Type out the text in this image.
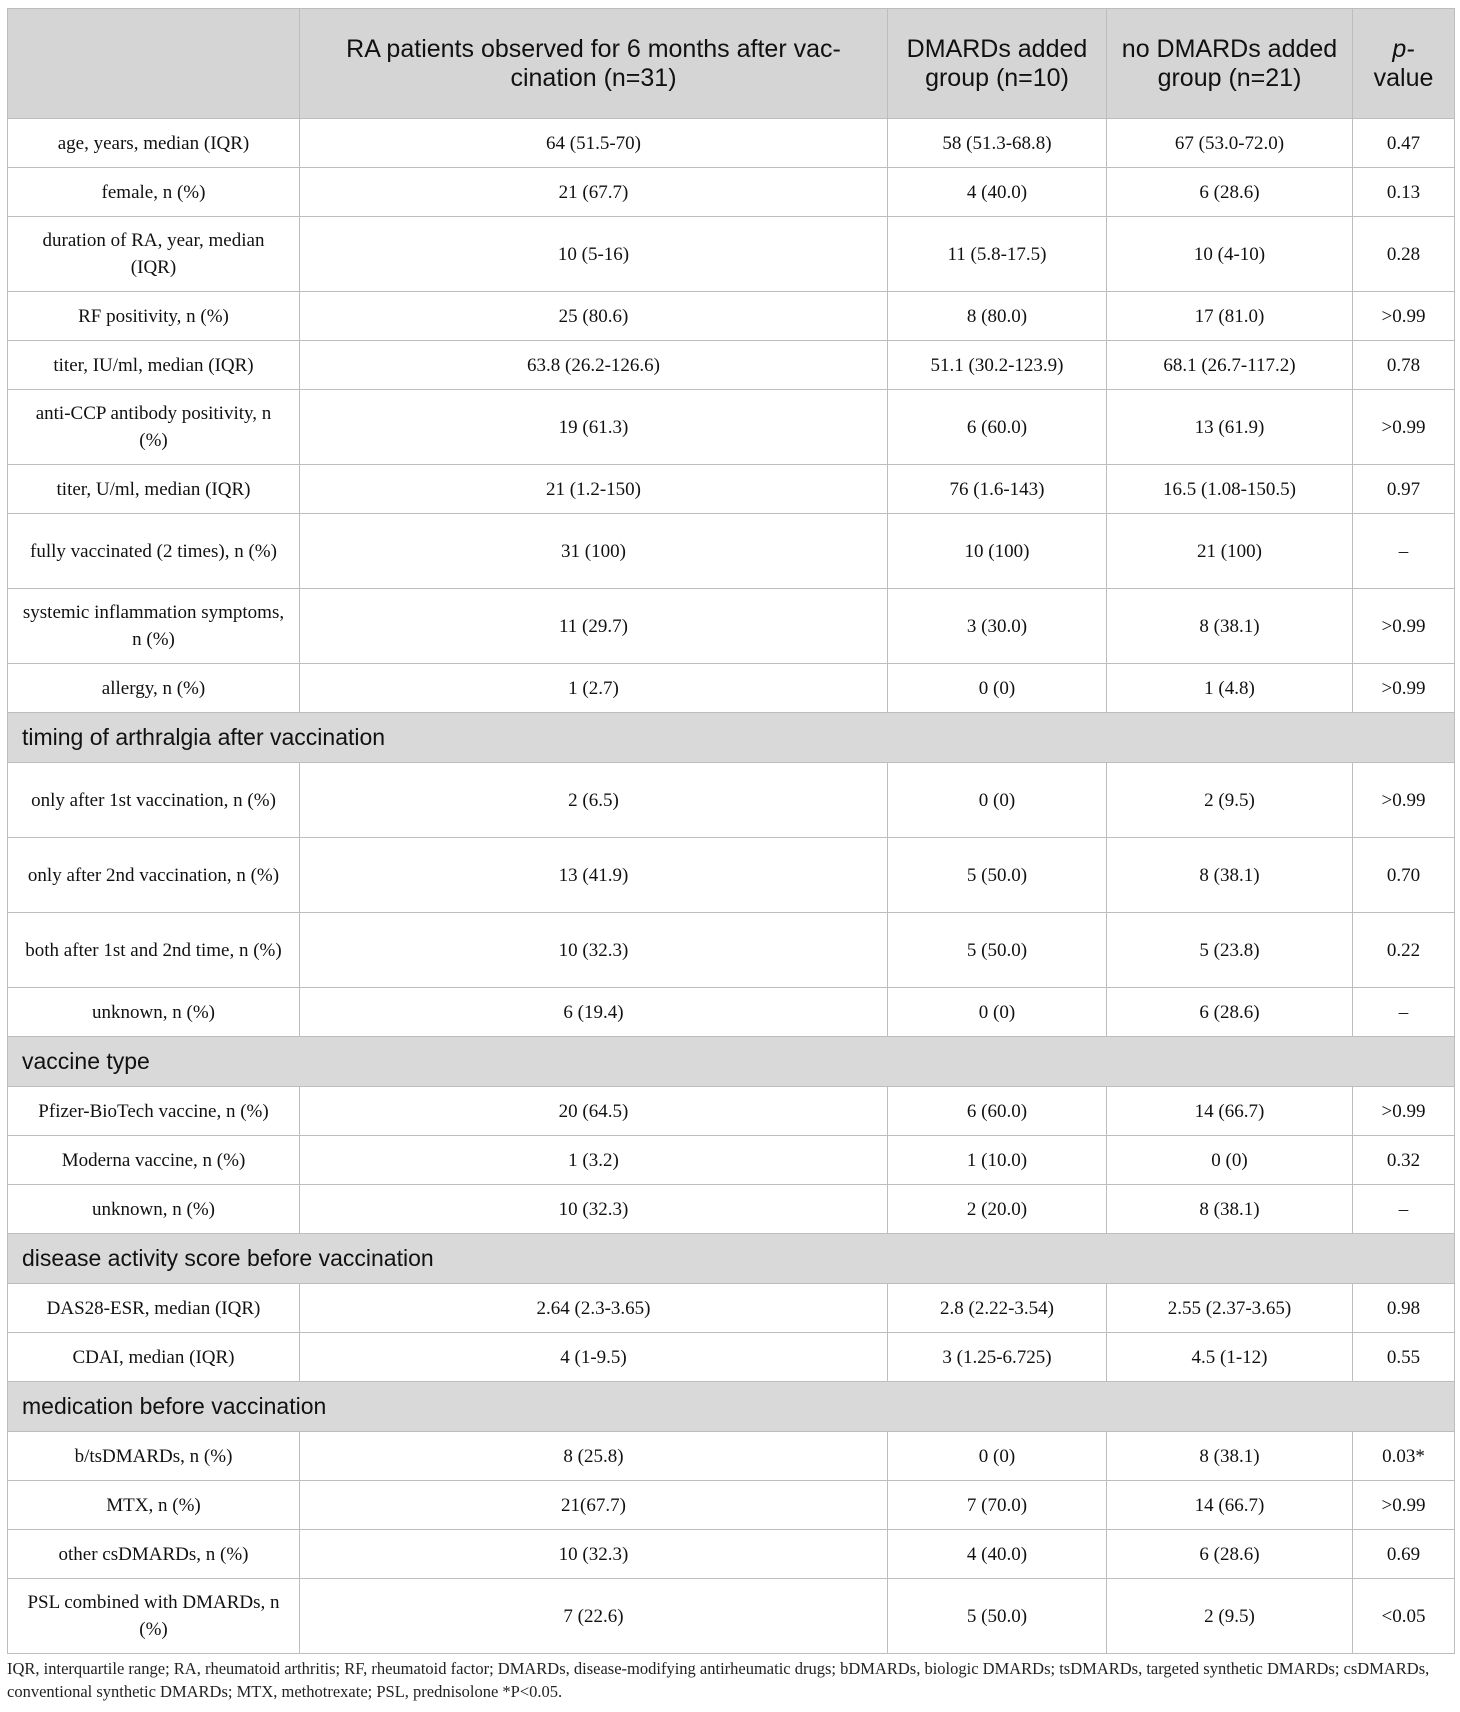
	RA patients observed for 6 months after vac-cination (n=31)	DMARDs added group (n=10)	no DMARDs added group (n=21)	p-
value
age, years, median (IQR)	64 (51.5-70)	58 (51.3-68.8)	67 (53.0-72.0)	0.47
female, n (%)	21 (67.7)	4 (40.0)	6 (28.6)	0.13
duration of RA, year, median (IQR)	10 (5-16)	11 (5.8-17.5)	10 (4-10)	0.28
RF positivity, n (%)	25 (80.6)	8 (80.0)	17 (81.0)	>0.99
titer, IU/ml, median (IQR)	63.8 (26.2-126.6)	51.1 (30.2-123.9)	68.1 (26.7-117.2)	0.78
anti-CCP antibody positivity, n (%)	19 (61.3)	6 (60.0)	13 (61.9)	>0.99
titer, U/ml, median (IQR)	21 (1.2-150)	76 (1.6-143)	16.5 (1.08-150.5)	0.97
fully vaccinated (2 times), n (%)	31 (100)	10 (100)	21 (100)	–
systemic inflammation symptoms, n (%)	11 (29.7)	3 (30.0)	8 (38.1)	>0.99
allergy, n (%)	1 (2.7)	0 (0)	1 (4.8)	>0.99
timing of arthralgia after vaccination				
only after 1st vaccination, n (%)	2 (6.5)	0 (0)	2 (9.5)	>0.99
only after 2nd vaccination, n (%)	13 (41.9)	5 (50.0)	8 (38.1)	0.70
both after 1st and 2nd time, n (%)	10 (32.3)	5 (50.0)	5 (23.8)	0.22
unknown, n (%)	6 (19.4)	0 (0)	6 (28.6)	–
vaccine type				
Pfizer-BioTech vaccine, n (%)	20 (64.5)	6 (60.0)	14 (66.7)	>0.99
Moderna vaccine, n (%)	1 (3.2)	1 (10.0)	0 (0)	0.32
unknown, n (%)	10 (32.3)	2 (20.0)	8 (38.1)	–
disease activity score before vaccination				
DAS28-ESR, median (IQR)	2.64 (2.3-3.65)	2.8 (2.22-3.54)	2.55 (2.37-3.65)	0.98
CDAI, median (IQR)	4 (1-9.5)	3 (1.25-6.725)	4.5 (1-12)	0.55
medication before vaccination				
b/tsDMARDs, n (%)	8 (25.8)	0 (0)	8 (38.1)	0.03*
MTX, n (%)	21(67.7)	7 (70.0)	14 (66.7)	>0.99
other csDMARDs, n (%)	10 (32.3)	4 (40.0)	6 (28.6)	0.69
PSL combined with DMARDs, n (%)	7 (22.6)	5 (50.0)	2 (9.5)	<0.05
IQR, interquartile range; RA, rheumatoid arthritis; RF, rheumatoid factor; DMARDs, disease-modifying antirheumatic drugs; bDMARDs, biologic DMARDs; tsDMARDs, targeted synthetic DMARDs; csDMARDs, conventional synthetic DMARDs; MTX, methotrexate; PSL, prednisolone *P<0.05.
